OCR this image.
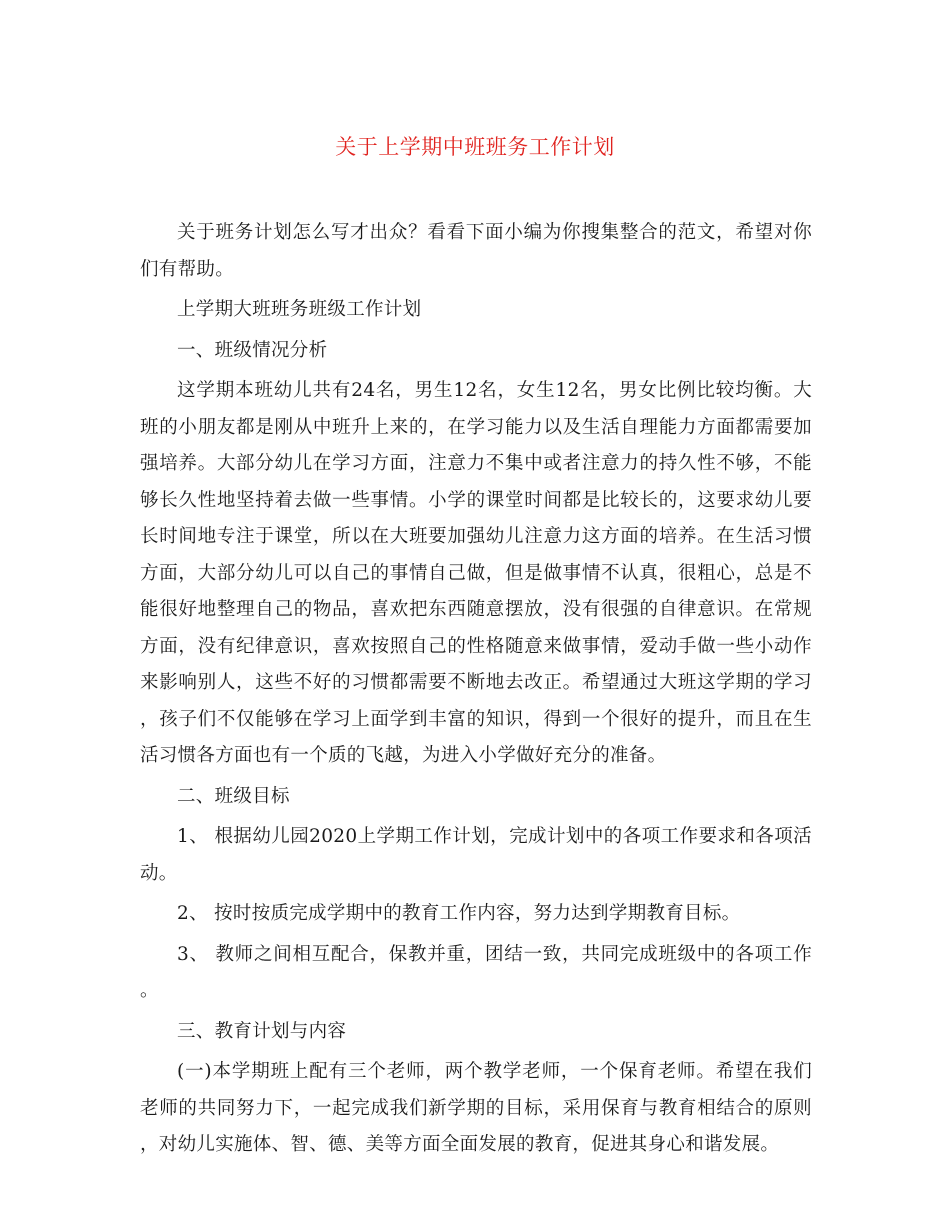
关于上学期中班班务工作计划

关于班务计划怎么写才出众？看看下面小编为你搜集整合的范文，希望对你们有帮助。

上学期大班班务班级工作计划

一、班级情况分析

这学期本班幼儿共有24名，男生12名，女生12名，男女比例比较均衡。大班的小朋友都是刚从中班升上来的，在学习能力以及生活自理能力方面都需要加强培养。大部分幼儿在学习方面，注意力不集中或者注意力的持久性不够，不能够长久性地坚持着去做一些事情。小学的课堂时间都是比较长的，这要求幼儿要长时间地专注于课堂，所以在大班要加强幼儿注意力这方面的培养。在生活习惯方面，大部分幼儿可以自己的事情自己做，但是做事情不认真，很粗心，总是不能很好地整理自己的物品，喜欢把东西随意摆放，没有很强的自律意识。在常规方面，没有纪律意识，喜欢按照自己的性格随意来做事情，爱动手做一些小动作来影响别人，这些不好的习惯都需要不断地去改正。希望通过大班这学期的学习，孩子们不仅能够在学习上面学到丰富的知识，得到一个很好的提升，而且在生活习惯各方面也有一个质的飞越，为进入小学做好充分的准备。

二、班级目标

1、 根据幼儿园2020上学期工作计划，完成计划中的各项工作要求和各项活动。

2、 按时按质完成学期中的教育工作内容，努力达到学期教育目标。

3、 教师之间相互配合，保教并重，团结一致，共同完成班级中的各项工作。

三、教育计划与内容

(一)本学期班上配有三个老师，两个教学老师，一个保育老师。希望在我们老师的共同努力下，一起完成我们新学期的目标，采用保育与教育相结合的原则，对幼儿实施体、智、德、美等方面全面发展的教育，促进其身心和谐发展。
